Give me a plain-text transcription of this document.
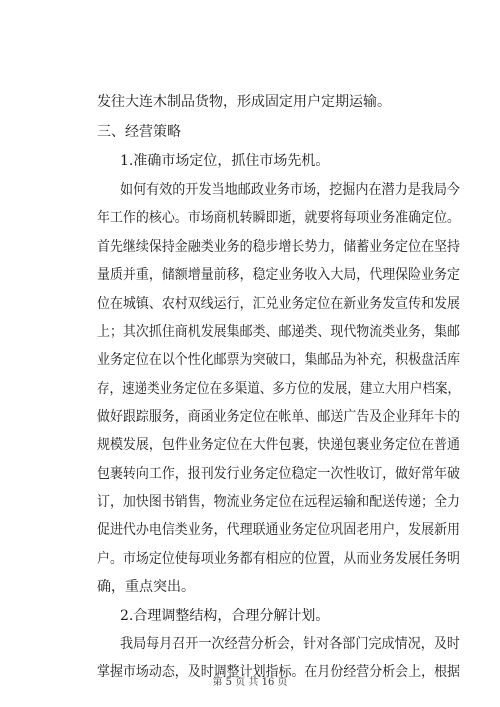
发往大连木制品货物，形成固定用户定期运输。
三、经营策略
1.准确市场定位，抓住市场先机。
如何有效的开发当地邮政业务市场，挖掘内在潜力是我局今
年工作的核心。市场商机转瞬即逝，就要将每项业务准确定位。
首先继续保持金融类业务的稳步增长势力，储蓄业务定位在坚持
量质并重，储额增量前移，稳定业务收入大局，代理保险业务定
位在城镇、农村双线运行，汇兑业务定位在新业务发宣传和发展
上；其次抓住商机发展集邮类、邮递类、现代物流类业务，集邮
业务定位在以个性化邮票为突破口，集邮品为补充，积极盘活库
存，速递类业务定位在多渠道、多方位的发展，建立大用户档案，
做好跟踪服务，商函业务定位在帐单、邮送广告及企业拜年卡的
规模发展，包件业务定位在大件包裹，快递包裹业务定位在普通
包裹转向工作，报刊发行业务定位稳定一次性收订，做好常年破
订，加快图书销售，物流业务定位在远程运输和配送传递；全力
促进代办电信类业务，代理联通业务定位巩固老用户，发展新用
户。市场定位使每项业务都有相应的位置，从而业务发展任务明
确，重点突出。
2.合理调整结构，合理分解计划。
我局每月召开一次经营分析会，针对各部门完成情况，及时
掌握市场动态，及时调整计划指标。在月份经营分析会上，根据
第 5 页 共 16 页
